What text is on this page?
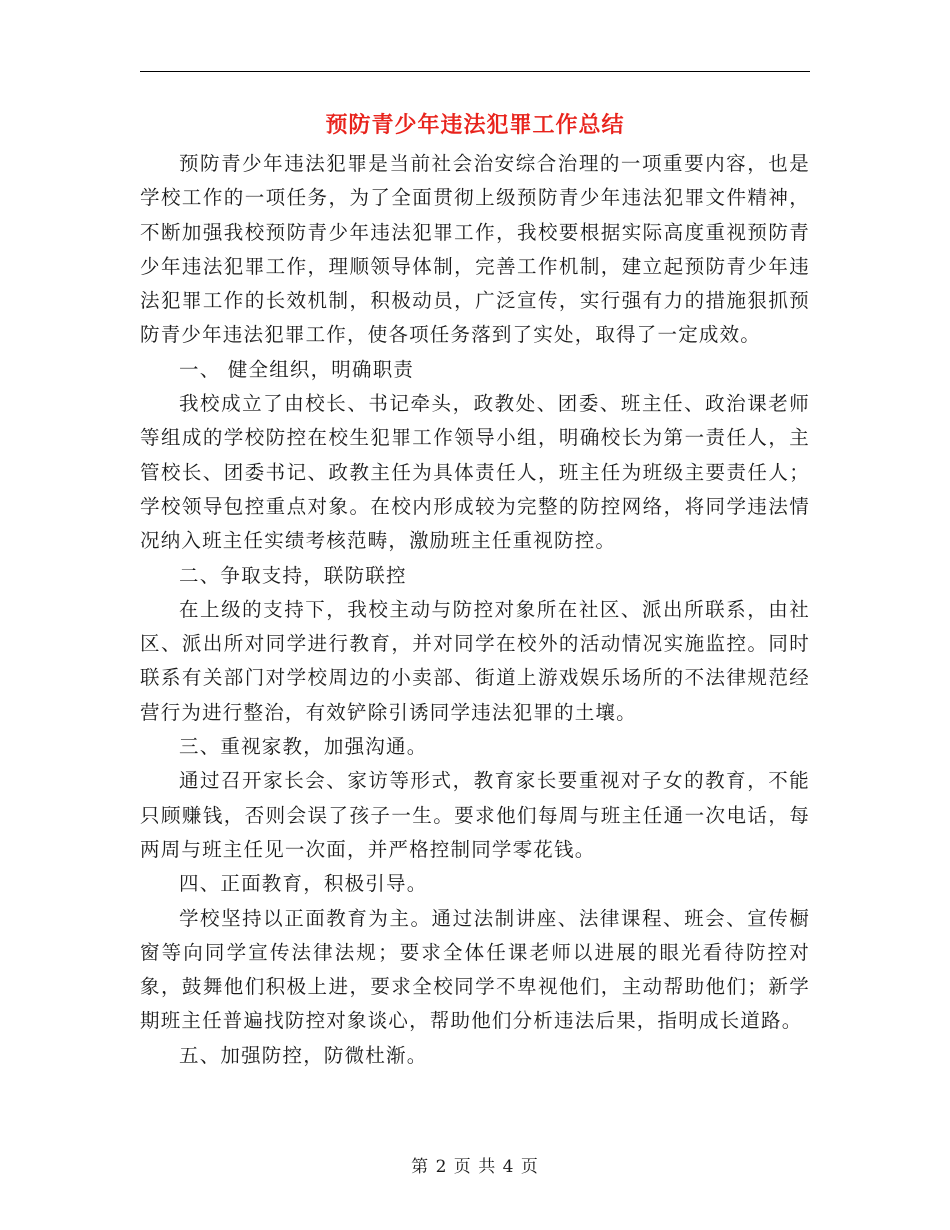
预防青少年违法犯罪工作总结

预防青少年违法犯罪是当前社会治安综合治理的一项重要内容，也是学校工作的一项任务，为了全面贯彻上级预防青少年违法犯罪文件精神，不断加强我校预防青少年违法犯罪工作，我校要根据实际高度重视预防青少年违法犯罪工作，理顺领导体制，完善工作机制，建立起预防青少年违法犯罪工作的长效机制，积极动员，广泛宣传，实行强有力的措施狠抓预防青少年违法犯罪工作，使各项任务落到了实处，取得了一定成效。

一、 健全组织，明确职责

我校成立了由校长、书记牵头，政教处、团委、班主任、政治课老师等组成的学校防控在校生犯罪工作领导小组，明确校长为第一责任人，主管校长、团委书记、政教主任为具体责任人，班主任为班级主要责任人；学校领导包控重点对象。在校内形成较为完整的防控网络，将同学违法情况纳入班主任实绩考核范畴，激励班主任重视防控。

二、争取支持，联防联控

在上级的支持下，我校主动与防控对象所在社区、派出所联系，由社区、派出所对同学进行教育，并对同学在校外的活动情况实施监控。同时联系有关部门对学校周边的小卖部、街道上游戏娱乐场所的不法律规范经营行为进行整治，有效铲除引诱同学违法犯罪的土壤。

三、重视家教，加强沟通。

通过召开家长会、家访等形式，教育家长要重视对子女的教育，不能只顾赚钱，否则会误了孩子一生。要求他们每周与班主任通一次电话，每两周与班主任见一次面，并严格控制同学零花钱。

四、正面教育，积极引导。

学校坚持以正面教育为主。通过法制讲座、法律课程、班会、宣传橱窗等向同学宣传法律法规；要求全体任课老师以进展的眼光看待防控对象，鼓舞他们积极上进，要求全校同学不卑视他们，主动帮助他们；新学期班主任普遍找防控对象谈心，帮助他们分析违法后果，指明成长道路。

五、加强防控，防微杜渐。

第 2 页 共 4 页
